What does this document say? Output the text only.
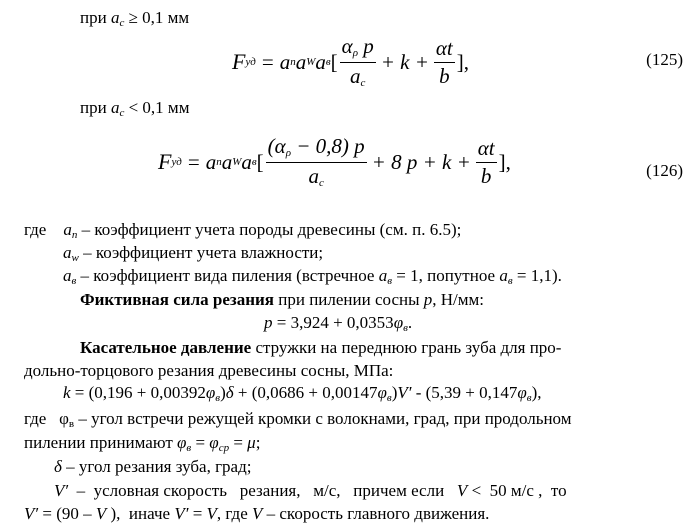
при $a_c \ge 0,1$ мм
F уд = a n a W a в [ $\frac{\alpha_\rho p}{a_c} + k + \frac{\alpha t}{b}$ ],	(125)
при $a_c < 0,1$ мм
F уд = a n a W a в [ $\frac{(\alpha_\rho - 0,8) p}{a_c} + 8$ $p + k + \frac{\alpha t}{b}$ ],	(126)
где $a_п$ – коэффициент учета породы древесины (см. п. 6.5);
$a_w$ – коэффициент учета влажности;
$a_в$ – коэффициент вида пиления (встречное $a_в = 1$, попутное $a_в = 1,1$).
Фиктивная сила резания при пилении сосны p, Н/мм:
$p = 3,924 + 0,0353\varphi_в$.
Касательное давление стружки на переднюю грань зуба для про-
дольно-торцового резания древесины сосны, МПа:
$k = (0,196 + 0,00392\varphi_в)\delta + (0,0686 + 0,00147\varphi_в)V' - (5,39 + 0,147\varphi_в)$,
где $\varphi_в$ – угол встречи режущей кромки с волокнами, град, при продольном
пилении принимают $\varphi_в = \varphi_{ср} = \mu$;
δ – угол резания зуба, град;
V′  –  условная скорость   резания,   м/с,   причем если   V <  50 м/с ,  то
V′ = (90 – V ),  иначе V′ = V, где V – скорость главного движения.
